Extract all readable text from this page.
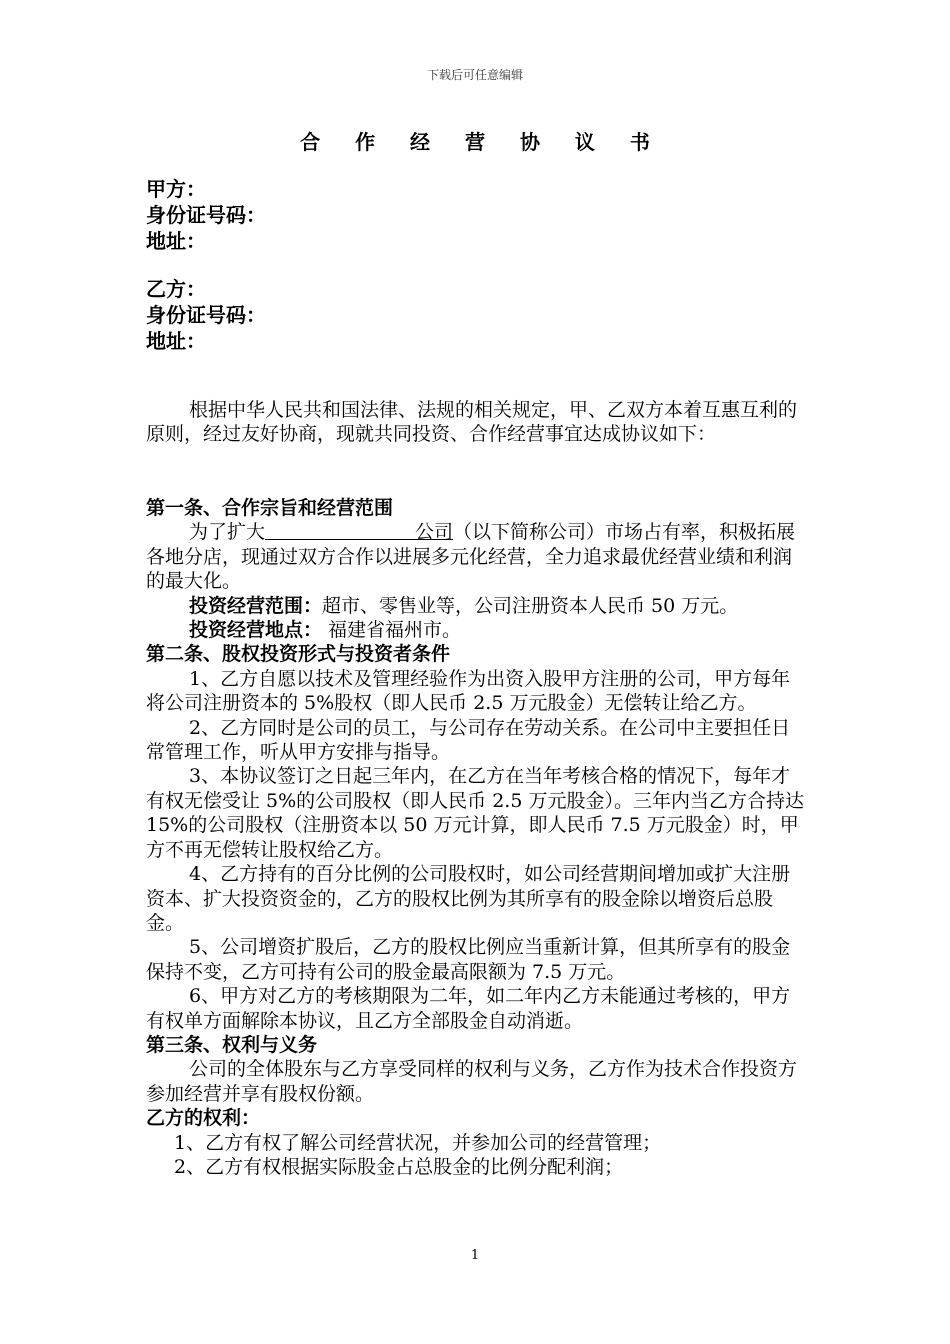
下载后可任意编辑
合 作 经 营 协 议 书
甲方：
身份证号码：
地址：
乙方：
身份证号码：
地址：

根据中华人民共和国法律、法规的相关规定，甲、乙双方本着互惠互利的原则，经过友好协商，现就共同投资、合作经营事宜达成协议如下：

第一条、合作宗旨和经营范围

为了扩大	公司（以下简称公司）市场占有率，积极拓展各地分店，现通过双方合作以进展多元化经营，全力追求最优经营业绩和利润的最大化。

投资经营范围：超市、零售业等，公司注册资本人民币 50 万元。

投资经营地点： 福建省福州市。

第二条、股权投资形式与投资者条件

1、乙方自愿以技术及管理经验作为出资入股甲方注册的公司，甲方每年将公司注册资本的 5%股权（即人民币 2.5 万元股金）无偿转让给乙方。

2、乙方同时是公司的员工，与公司存在劳动关系。在公司中主要担任日常管理工作，听从甲方安排与指导。

3、本协议签订之日起三年内，在乙方在当年考核合格的情况下，每年才有权无偿受让 5%的公司股权（即人民币 2.5 万元股金）。三年内当乙方合持达 15%的公司股权（注册资本以 50 万元计算，即人民币 7.5 万元股金）时，甲方不再无偿转让股权给乙方。

4、乙方持有的百分比例的公司股权时，如公司经营期间增加或扩大注册资本、扩大投资资金的，乙方的股权比例为其所享有的股金除以增资后总股金。

5、公司增资扩股后，乙方的股权比例应当重新计算，但其所享有的股金保持不变，乙方可持有公司的股金最高限额为 7.5 万元。

6、甲方对乙方的考核期限为二年，如二年内乙方未能通过考核的，甲方有权单方面解除本协议，且乙方全部股金自动消逝。

第三条、权利与义务

公司的全体股东与乙方享受同样的权利与义务，乙方作为技术合作投资方参加经营并享有股权份额。

乙方的权利：

1、乙方有权了解公司经营状况，并参加公司的经营管理；

2、乙方有权根据实际股金占总股金的比例分配利润；

1
